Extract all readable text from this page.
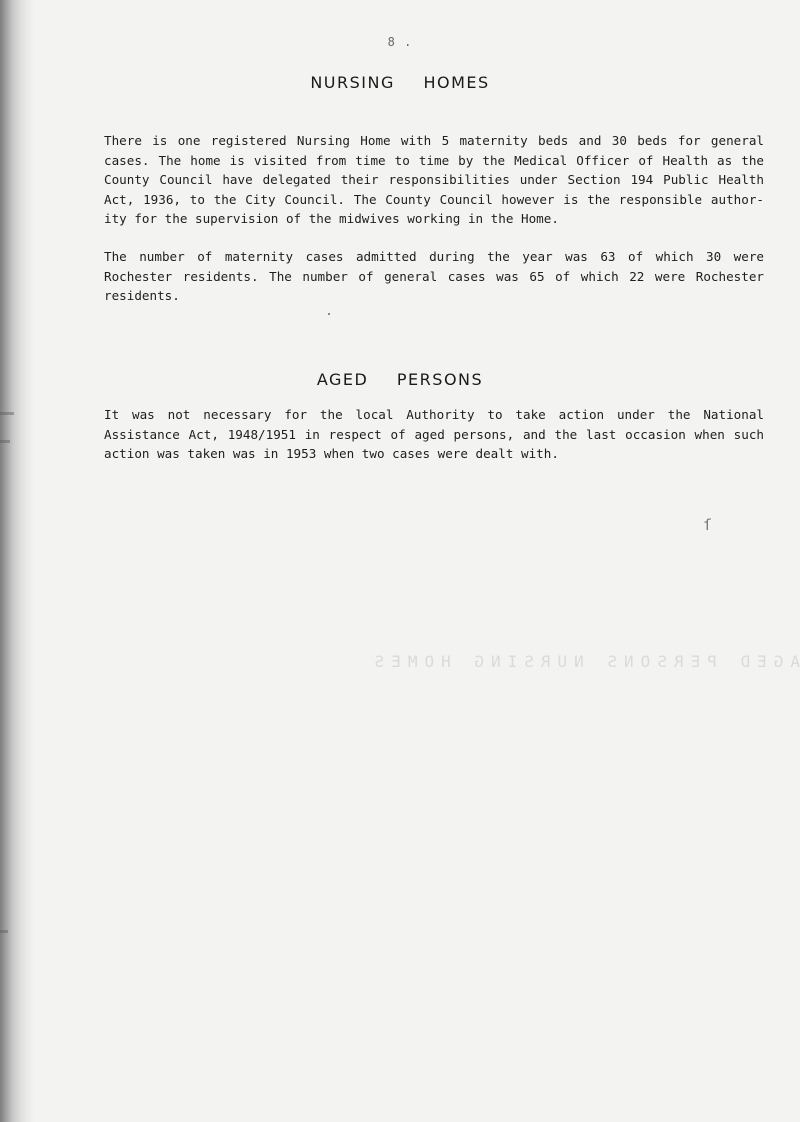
8 .
NURSING HOMES

There is one registered Nursing Home with 5 maternity beds and 30 beds for general cases. The home is visited from time to time by the Medical Officer of Health as the County Council have delegated their responsibilities under Section 194 Public Health Act, 1936, to the City Council. The County Council however is the responsible author- ity for the supervision of the midwives working in the Home.

The number of maternity cases admitted during the year was 63 of which 30 were Rochester residents. The number of general cases was 65 of which 22 were Rochester residents.

AGED PERSONS

It was not necessary for the local Authority to take action under the National Assistance Act, 1948/1951 in respect of aged persons, and the last occasion when such action was taken was in 1953 when two cases were dealt with.

ſ
AGED PERSONS NURSING HOMES
